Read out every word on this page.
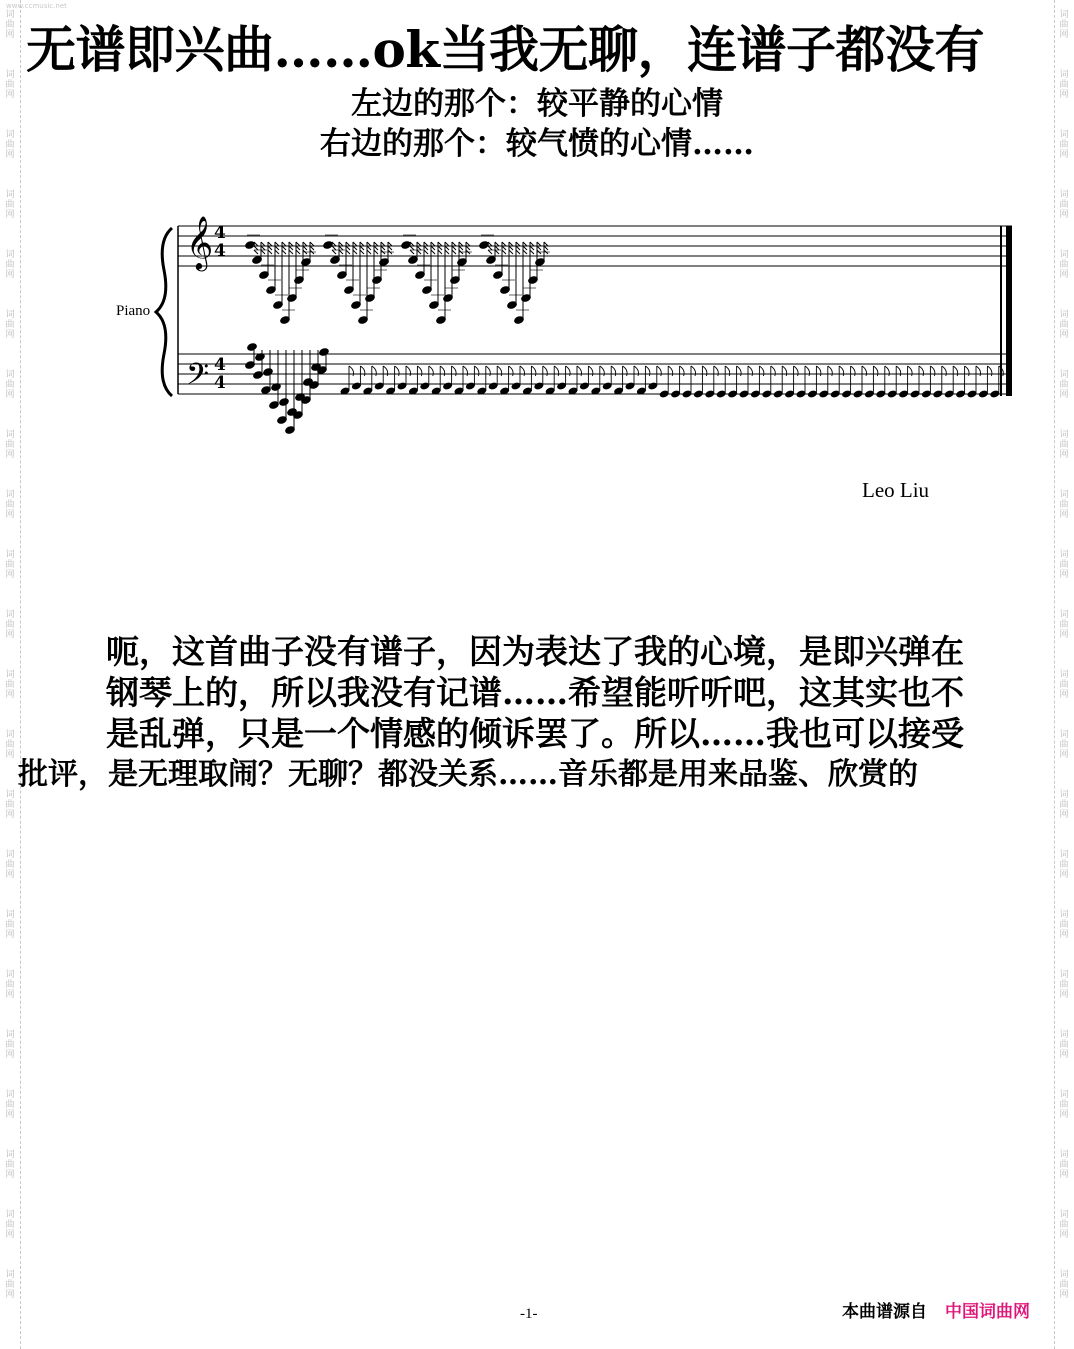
www.ccmusic.net
无谱即兴曲……ok当我无聊，连谱子都没有
左边的那个：较平静的心情
右边的那个：较气愤的心情……
Piano
𝄞
𝄢
4
4
4
4
Leo Liu
呃，这首曲子没有谱子，因为表达了我的心境，是即兴弹在
钢琴上的，所以我没有记谱……希望能听听吧，这其实也不
是乱弹，只是一个情感的倾诉罢了。所以……我也可以接受
批评，是无理取闹？无聊？都没关系……音乐都是用来品鉴、欣赏的
-1-	本曲谱源自 中国词曲网
词
曲
网
词
曲
网
词
曲
网
词
曲
网
词
曲
网
词
曲
网
词
曲
网
词
曲
网
词
曲
网
词
曲
网
词
曲
网
词
曲
网
词
曲
网
词
曲
网
词
曲
网
词
曲
网
词
曲
网
词
曲
网
词
曲
网
词
曲
网
词
曲
网
词
曲
网
词
曲
网
词
曲
网
词
曲
网
词
曲
网
词
曲
网
词
曲
网
词
曲
网
词
曲
网
词
曲
网
词
曲
网
词
曲
网
词
曲
网
词
曲
网
词
曲
网
词
曲
网
词
曲
网
词
曲
网
词
曲
网
词
曲
网
词
曲
网
词
曲
网
词
曲
网
